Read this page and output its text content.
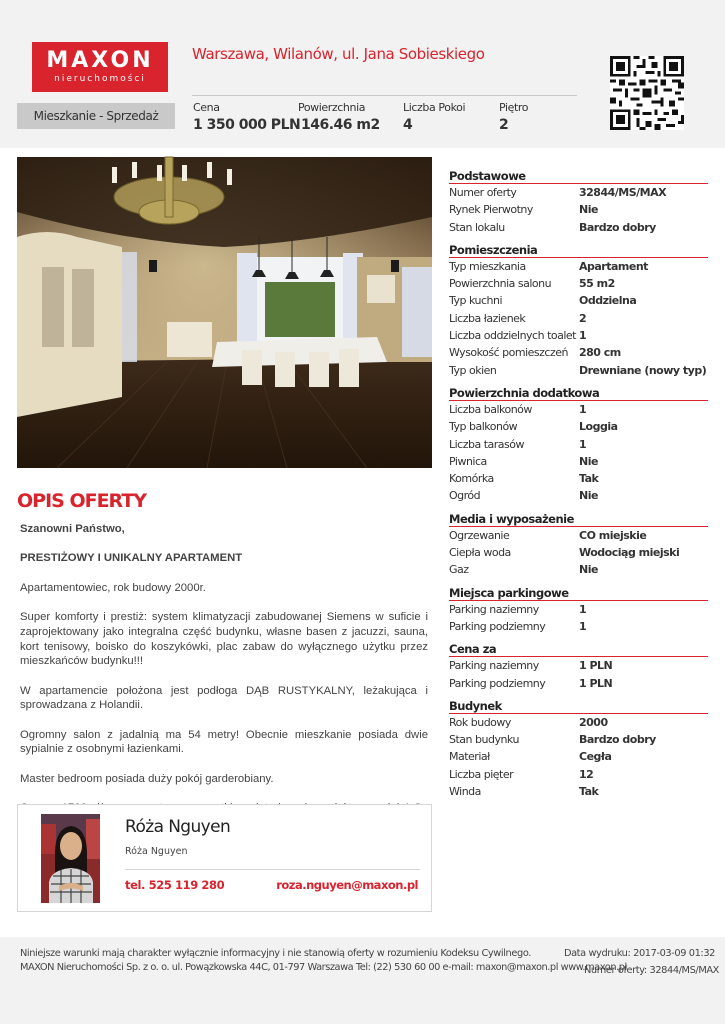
MAXON
nieruchomości
Warszawa, Wilanów, ul. Jana Sobieskiego
Mieszkanie - Sprzedaż
Cena
1 350 000 PLN
Powierzchnia
146.46 m2
Liczba Pokoi
4
Piętro
2
OPIS OFERTY

Szanowni Państwo,

PRESTIŻOWY I UNIKALNY APARTAMENT

Apartamentowiec, rok budowy 2000r.

Super komforty i prestiż: system klimatyzacji zabudowanej Siemens w suficie i zaprojektowany jako integralna część budynku, własne basen z jacuzzi, sauna, kort tenisowy, boisko do koszykówki, plac zabaw do wyłącznego użytku przez mieszkańców budynku!!!

W apartamencie położona jest podłoga DĄB RUSTYKALNY, leżakująca i sprowadzana z Holandii.

Ogromny salon z jadalnią ma 54 metry! Obecnie mieszkanie posiada dwie sypialnie z osobnymi łazienkami.

Master bedroom posiada duży pokój garderobiany.

Róża Nguyen
Róża Nguyen
tel. 525 119 280	roza.nguyen@maxon.pl
Podstawowe
Numer oferty	32844/MS/MAX
Rynek Pierwotny	Nie
Stan lokalu	Bardzo dobry
Pomieszczenia
Typ mieszkania	Apartament
Powierzchnia salonu	55 m2
Typ kuchni	Oddzielna
Liczba łazienek	2
Liczba oddzielnych toalet 1
Wysokość pomieszczeń	280 cm
Typ okien	Drewniane (nowy typ)
Powierzchnia dodatkowa
Liczba balkonów	1
Typ balkonów	Loggia
Liczba tarasów	1
Piwnica	Nie
Komórka	Tak
Ogród	Nie
Media i wyposażenie
Ogrzewanie	CO miejskie
Ciepła woda	Wodociąg miejski
Gaz	Nie
Miejsca parkingowe
Parking naziemny	1
Parking podziemny	1
Cena za
Parking naziemny	1 PLN
Parking podziemny	1 PLN
Budynek
Rok budowy	2000
Stan budynku	Bardzo dobry
Materiał	Cegła
Liczba pięter	12
Winda	Tak
Niniejsze warunki mają charakter wyłącznie informacyjny i nie stanowią oferty w rozumieniu Kodeksu Cywilnego.
MAXON Nieruchomości Sp. z o. o. ul. Powązkowska 44C, 01-797 Warszawa Tel: (22) 530 60 00 e-mail: maxon@maxon.pl www.maxon.pl
Data wydruku: 2017-03-09 01:32
Numer oferty: 32844/MS/MAX
